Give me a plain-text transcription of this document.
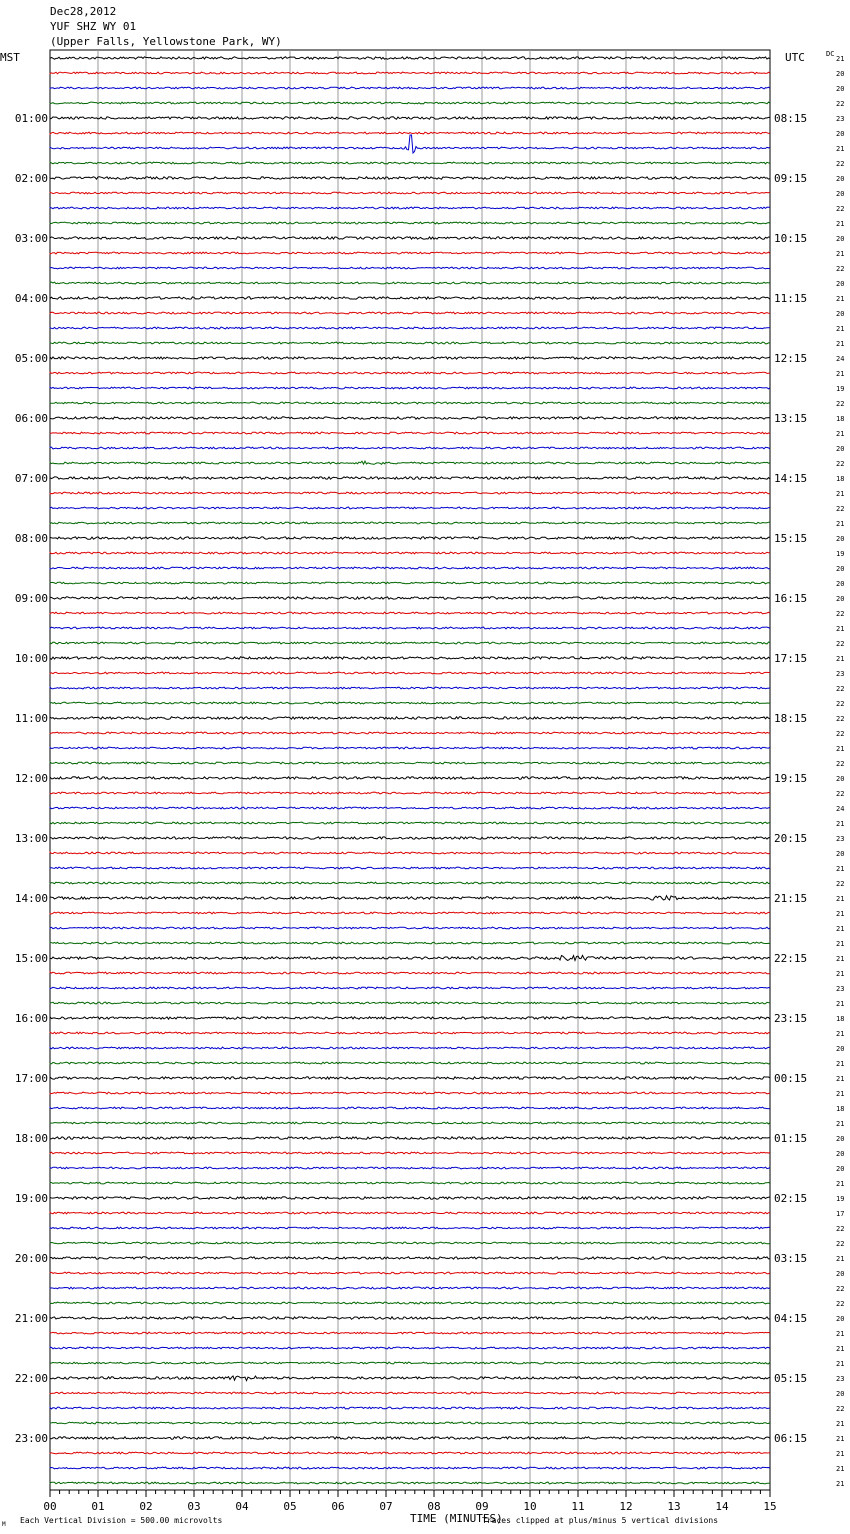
Dec28,2012
YUF SHZ WY 01
(Upper Falls, Yellowstone Park, WY)
MST	UTC	DC
01:00
02:00
03:00
04:00
05:00
06:00
07:00
08:00
09:00
10:00
11:00
12:00
13:00
14:00
15:00
16:00
17:00
18:00
19:00
20:00
21:00
22:00
23:00
08:15
09:15
10:15
11:15
12:15
13:15
14:15
15:15
16:15
17:15
18:15
19:15
20:15
21:15
22:15
23:15
00:15
01:15
02:15
03:15
04:15
05:15
06:15
21
20
20
22
23
20
21
22
20
20
22
21
20
21
22
20
21
20
21
21
24
21
19
22
18
21
20
22
18
21
22
21
20
19
20
20
20
22
21
22
21
23
22
22
22
22
21
22
20
22
24
21
23
20
21
22
21
21
21
21
21
21
23
21
18
21
20
21
21
21
18
21
20
20
20
21
19
17
22
22
21
20
22
22
20
21
21
21
23
20
22
21
21
21
21
21
00	01	02	03	04	05	06	07	08	09	10	11	12	13	14	15
TIME (MINUTES)
Each Vertical Division = 500.00 microvolts	Traces clipped at plus/minus 5 vertical divisions
M
